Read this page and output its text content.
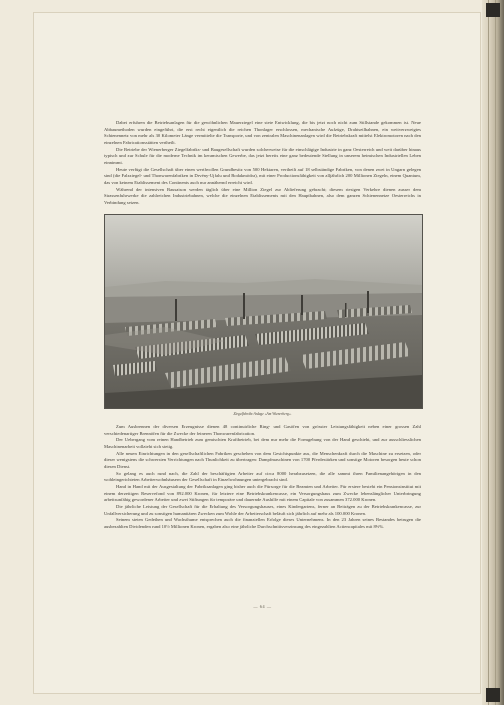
Dabei erfuhren die Betriebsanlagen für die gewöhnlichen Mauerziegel eine stete Entwicklung, die bis jetzt noch nicht zum Stillstande gekommen ist. Neue Abbaumethoden wurden eingeführt, die erst recht eigentlich die reichen Thonlager erschlossen, mechanische Aufzüge, Drahtseilbahnen, ein weitverzweigtes Schienennetz von mehr als 30 Kilometer Länge vermittelte die Transporte, und von zentralen Maschinenanlagen wird die Betriebskraft mittelst Elektromotoren nach den einzelnen Fabricationsstätten vertheilt.

Die Betriebe der Wienerberger Ziegelfabriks- und Baugesellschaft wurden solcherweise für die einschlägige Industrie in ganz Oesterreich und weit darüber hinaus typisch und zur Schule für die moderne Technik im keramischen Gewerbe, das jetzt bereits eine ganz bedeutende Stellung in unserem heimischen Industriellen Leben einnimmt.

Heute verfügt die Gesellschaft über einen werthvollen Grundbesitz von 500 Hektaren, vertheilt auf 18 selbständige Fabriken, von denen zwei in Ungarn gelegen sind (die Falzziegel- und Thonwarenfabriken in Drvény-Ujfalu und Bodakmödra), mit einer Productionsfähigkeit von alljährlich 200 Millionen Ziegeln, einem Quantum, das von keinem Etablissement des Continents auch nur annähernd erreicht wird.

Während der intensiven Bausaison werden täglich über eine Million Ziegel zur Ablieferung gebracht; diesem riesigen Verkehre dienen ausser dem Strassenfuhrwerke die zahlreichen Industriebahnen, welche die einzelnen Etablissements mit den Hauptbahnen, also dem ganzen Schienennetze Oesterreichs in Verbindung setzen.

Ziegelfabriks-Anlage »Am Wienerberg«.

Zum Ausbrennen der diversen Erzeugnisse dienen 48 continuirliche Ring- und Gasöfen von grösster Leistungsfähigkeit neben einer grossen Zahl verschiedenartiger Brennöfen für die Zwecke der feineren Thonwarenfabrication.

Der Uebergang vom reinen Handbetrieb zum gemischten Kraftbetrieb, bei dem nur mehr die Formgebung von der Hand geschieht, und zur ausschliesslichen Maschinenarbeit vollzieht sich stetig.

Alle neuen Einrichtungen in den gesellschaftlichen Fabriken geschehen von dem Gesichtspunkte aus, die Menschenkraft durch die Maschine zu ersetzen, oder dieser wenigstens die schwersten Verrichtungen nach Thunlichkeit zu übertragen: Dampfmaschinen von 1700 Pferdestärken und sonstige Motoren besorgen heute schon diesen Dienst.

So gelang es auch rund nach, die Zahl der beschäftigten Arbeiter auf circa 8000 herabzusetzen, die alle sammt ihren Familienangehörigen in den wohleingerichteten Arbeiterwohnhäusern der Gesellschaft in Einzelwohnungen untergebracht sind.

Hand in Hand mit der Ausgestaltung der Fabriksanlagen ging bisher auch die Fürsorge für die Beamten und Arbeiter. Für erstere besteht ein Pensionsinstitut mit einem derzeitigen Reservefond von 892.000 Kronen, für letztere eine Betriebskrankencasse, ein Versorgungshaus zum Zwecke lebenslänglicher Unterbringung arbeitsunfähig gewordener Arbeiter und zwei Stiftungen für temporäre und dauernde Aushilfe mit einem Capitale von zusammen 372.000 Kronen.

Die jährliche Leistung der Gesellschaft für die Erhaltung des Versorgungshauses, eines Kindergartens, ferner an Beiträgen zu der Betriebskrankencasse, zur Unfallversicherung und zu sonstigen humanitären Zwecken zum Wohle der Arbeiterschaft beläuft sich jährlich auf mehr als 100.000 Kronen.

Seinem steten Gedeihen und Wachsthume entsprechen auch die finanziellen Erfolge dieses Unternehmens. In den 23 Jahren seines Bestandes betrugen die ausbezahlten Dividenden rund 10½ Millionen Kronen, ergaben also eine jährliche Durchschnittsverzinsung des eingezahlten Actiencapitales mit 8⅔%.

— 64 —
